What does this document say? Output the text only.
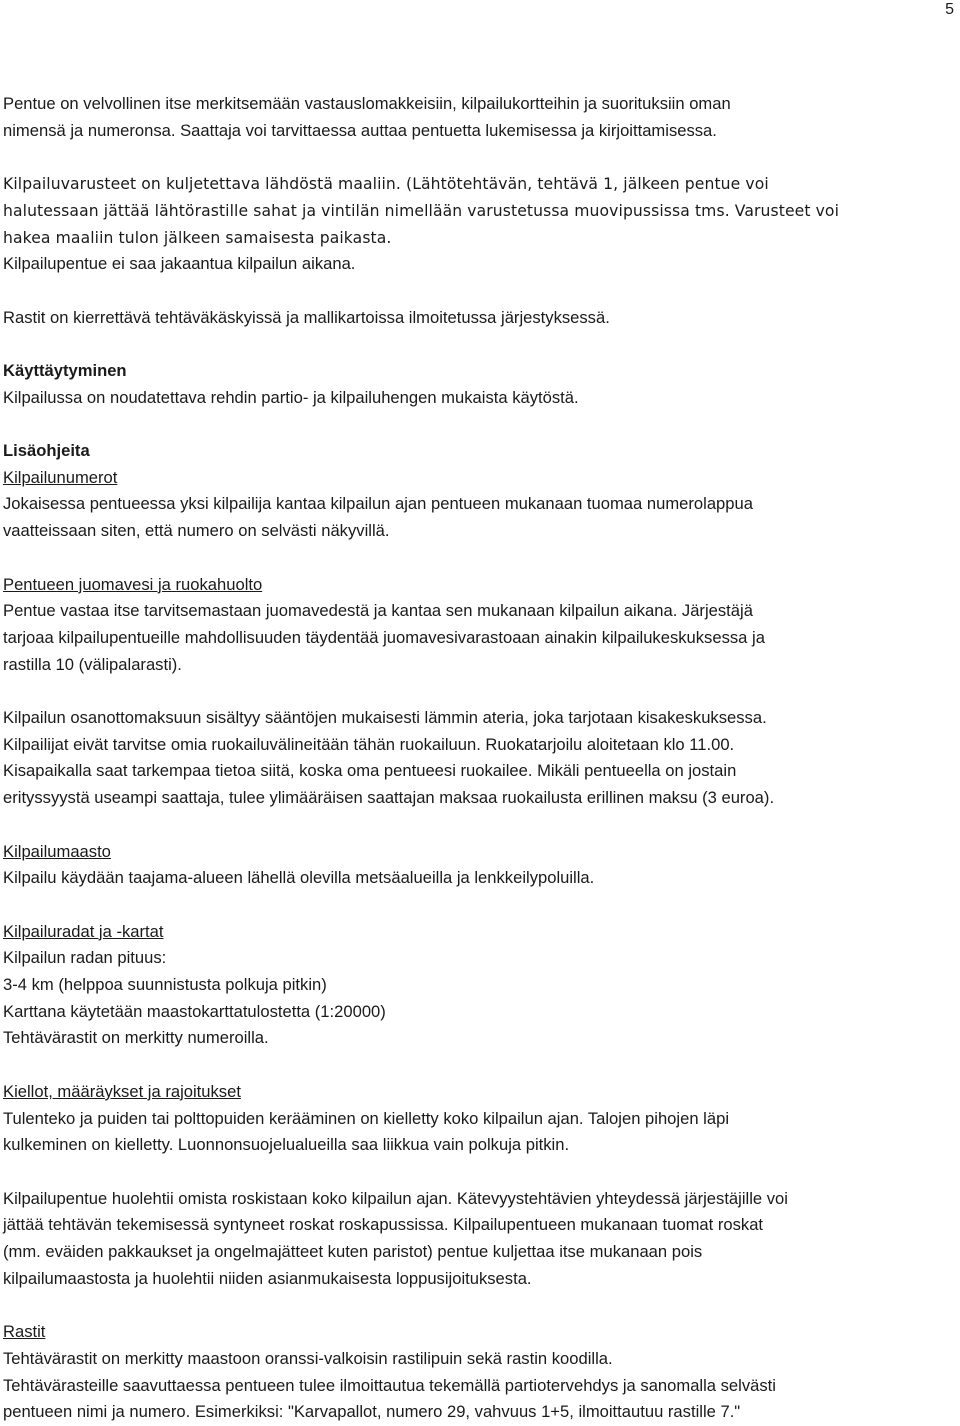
5

Pentue on velvollinen itse merkitsemään vastauslomakkeisiin, kilpailukortteihin ja suorituksiin oman
nimensä ja numeronsa. Saattaja voi tarvittaessa auttaa pentuetta lukemisessa ja kirjoittamisessa.

Kilpailuvarusteet on kuljetettava lähdöstä maaliin. (Lähtötehtävän, tehtävä 1, jälkeen pentue voi
halutessaan jättää lähtörastille sahat ja vintilän nimellään varustetussa muovipussissa tms. Varusteet voi
hakea maaliin tulon jälkeen samaisesta paikasta.

Kilpailupentue ei saa jakaantua kilpailun aikana.

Rastit on kierrettävä tehtäväkäskyissä ja mallikartoissa ilmoitetussa järjestyksessä.

Käyttäytyminen
Kilpailussa on noudatettava rehdin partio- ja kilpailuhengen mukaista käytöstä.

Lisäohjeita
Kilpailunumerot
Jokaisessa pentueessa yksi kilpailija kantaa kilpailun ajan pentueen mukanaan tuomaa numerolappua
vaatteissaan siten, että numero on selvästi näkyvillä.

Pentueen juomavesi ja ruokahuolto
Pentue vastaa itse tarvitsemastaan juomavedestä ja kantaa sen mukanaan kilpailun aikana. Järjestäjä
tarjoaa kilpailupentueille mahdollisuuden täydentää juomavesivarastoaan ainakin kilpailukeskuksessa ja
rastilla 10 (välipalarasti).

Kilpailun osanottomaksuun sisältyy sääntöjen mukaisesti lämmin ateria, joka tarjotaan kisakeskuksessa.
Kilpailijat eivät tarvitse omia ruokailuvälineitään tähän ruokailuun. Ruokatarjoilu aloitetaan klo 11.00.
Kisapaikalla saat tarkempaa tietoa siitä, koska oma pentueesi ruokailee. Mikäli pentueella on jostain
erityssyystä useampi saattaja, tulee ylimääräisen saattajan maksaa ruokailusta erillinen maksu (3 euroa).

Kilpailumaasto
Kilpailu käydään taajama-alueen lähellä olevilla metsäalueilla ja lenkkeilypoluilla.

Kilpailuradat ja -kartat
Kilpailun radan pituus:
3-4 km (helppoa suunnistusta polkuja pitkin)
Karttana käytetään maastokarttatulostetta (1:20000)
Tehtävärastit on merkitty numeroilla.

Kiellot, määräykset ja rajoitukset
Tulenteko ja puiden tai polttopuiden kerääminen on kielletty koko kilpailun ajan. Talojen pihojen läpi
kulkeminen on kielletty. Luonnonsuojelualueilla saa liikkua vain polkuja pitkin.

Kilpailupentue huolehtii omista roskistaan koko kilpailun ajan. Kätevyystehtävien yhteydessä järjestäjille voi
jättää tehtävän tekemisessä syntyneet roskat roskapussissa. Kilpailupentueen mukanaan tuomat roskat
(mm. eväiden pakkaukset ja ongelmajätteet kuten paristot) pentue kuljettaa itse mukanaan pois
kilpailumaastosta ja huolehtii niiden asianmukaisesta loppusijoituksesta.

Rastit
Tehtävärastit on merkitty maastoon oranssi-valkoisin rastilipuin sekä rastin koodilla.
Tehtävärasteille saavuttaessa pentueen tulee ilmoittautua tekemällä partiotervehdys ja sanomalla selvästi
pentueen nimi ja numero. Esimerkiksi: "Karvapallot, numero 29, vahvuus 1+5, ilmoittautuu rastille 7."
